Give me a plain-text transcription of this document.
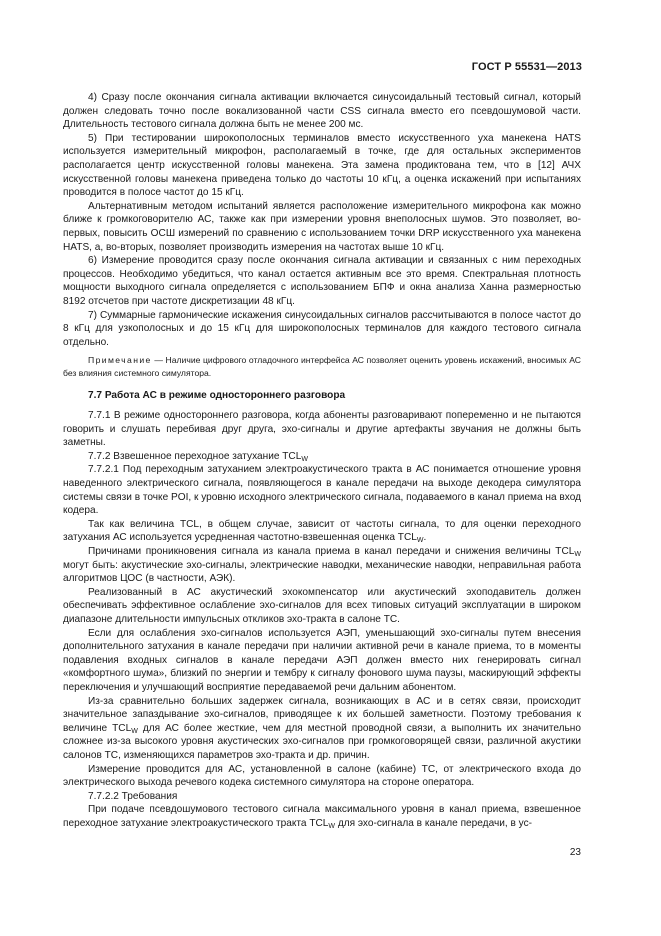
ГОСТ Р 55531—2013

4) Сразу после окончания сигнала активации включается синусоидальный тестовый сигнал, который должен следовать точно после вокализованной части CSS сигнала вместо его псевдошумовой части. Длительность тестового сигнала должна быть не менее 200 мс.

5) При тестировании широкополосных терминалов вместо искусственного уха манекена HATS используется измерительный микрофон, располагаемый в точке, где для остальных экспериментов располагается центр искусственной головы манекена. Эта замена продиктована тем, что в [12] АЧХ искусственной головы манекена приведена только до частоты 10 кГц, а оценка искажений при испытаниях проводится в полосе частот до 15 кГц.

Альтернативным методом испытаний является расположение измерительного микрофона как можно ближе к громкоговорителю АС, также как при измерении уровня внеполосных шумов. Это позволяет, во-первых, повысить ОСШ измерений по сравнению с использованием точки DRP искусственного уха манекена HATS, а, во-вторых, позволяет производить измерения на частотах выше 10 кГц.

6) Измерение проводится сразу после окончания сигнала активации и связанных с ним переходных процессов. Необходимо убедиться, что канал остается активным все это время. Спектральная плотность мощности выходного сигнала определяется с использованием БПФ и окна анализа Ханна размерностью 8192 отсчетов при частоте дискретизации 48 кГц.

7) Суммарные гармонические искажения синусоидальных сигналов рассчитываются в полосе частот до 8 кГц для узкополосных и до 15 кГц для широкополосных терминалов для каждого тестового сигнала отдельно.

Примечание — Наличие цифрового отладочного интерфейса АС позволяет оценить уровень искажений, вносимых АС без влияния системного симулятора.

7.7 Работа АС в режиме одностороннего разговора

7.7.1 В режиме одностороннего разговора, когда абоненты разговаривают попеременно и не пытаются говорить и слушать перебивая друг друга, эхо-сигналы и другие артефакты звучания не должны быть заметны.

7.7.2 Взвешенное переходное затухание $TCL_W$

7.7.2.1 Под переходным затуханием электроакустического тракта в АС понимается отношение уровня наведенного электрического сигнала, появляющегося в канале передачи на выходе декодера симулятора системы связи в точке POI, к уровню исходного электрического сигнала, подаваемого в канал приема на вход кодера.

Так как величина TCL, в общем случае, зависит от частоты сигнала, то для оценки переходного затухания АС используется усредненная частотно-взвешенная оценка $TCL_W$.

Причинами проникновения сигнала из канала приема в канал передачи и снижения величины $TCL_W$ могут быть: акустические эхо-сигналы, электрические наводки, механические наводки, неправильная работа алгоритмов ЦОС (в частности, АЭК).

Реализованный в АС акустический эхокомпенсатор или акустический эхоподавитель должен обеспечивать эффективное ослабление эхо-сигналов для всех типовых ситуаций эксплуатации в широком диапазоне длительности импульсных откликов эхо-тракта в салоне ТС.

Если для ослабления эхо-сигналов используется АЭП, уменьшающий эхо-сигналы путем внесения дополнительного затухания в канале передачи при наличии активной речи в канале приема, то в моменты подавления входных сигналов в канале передачи АЭП должен вместо них генерировать сигнал «комфортного шума», близкий по энергии и тембру к сигналу фонового шума паузы, маскирующий эффекты переключения и улучшающий восприятие передаваемой речи дальним абонентом.

Из-за сравнительно больших задержек сигнала, возникающих в АС и в сетях связи, происходит значительное запаздывание эхо-сигналов, приводящее к их большей заметности. Поэтому требования к величине $TCL_W$ для АС более жесткие, чем для местной проводной связи, а выполнить их значительно сложнее из-за высокого уровня акустических эхо-сигналов при громкоговорящей связи, различной акустики салонов ТС, изменяющихся параметров эхо-тракта и др. причин.

Измерение проводится для АС, установленной в салоне (кабине) ТС, от электрического входа до электрического выхода речевого кодека системного симулятора на стороне оператора.

7.7.2.2 Требования

При подаче псевдошумового тестового сигнала максимального уровня в канал приема, взвешенное переходное затухание электроакустического тракта $TCL_W$ для эхо-сигнала в канале передачи, в ус-

23
